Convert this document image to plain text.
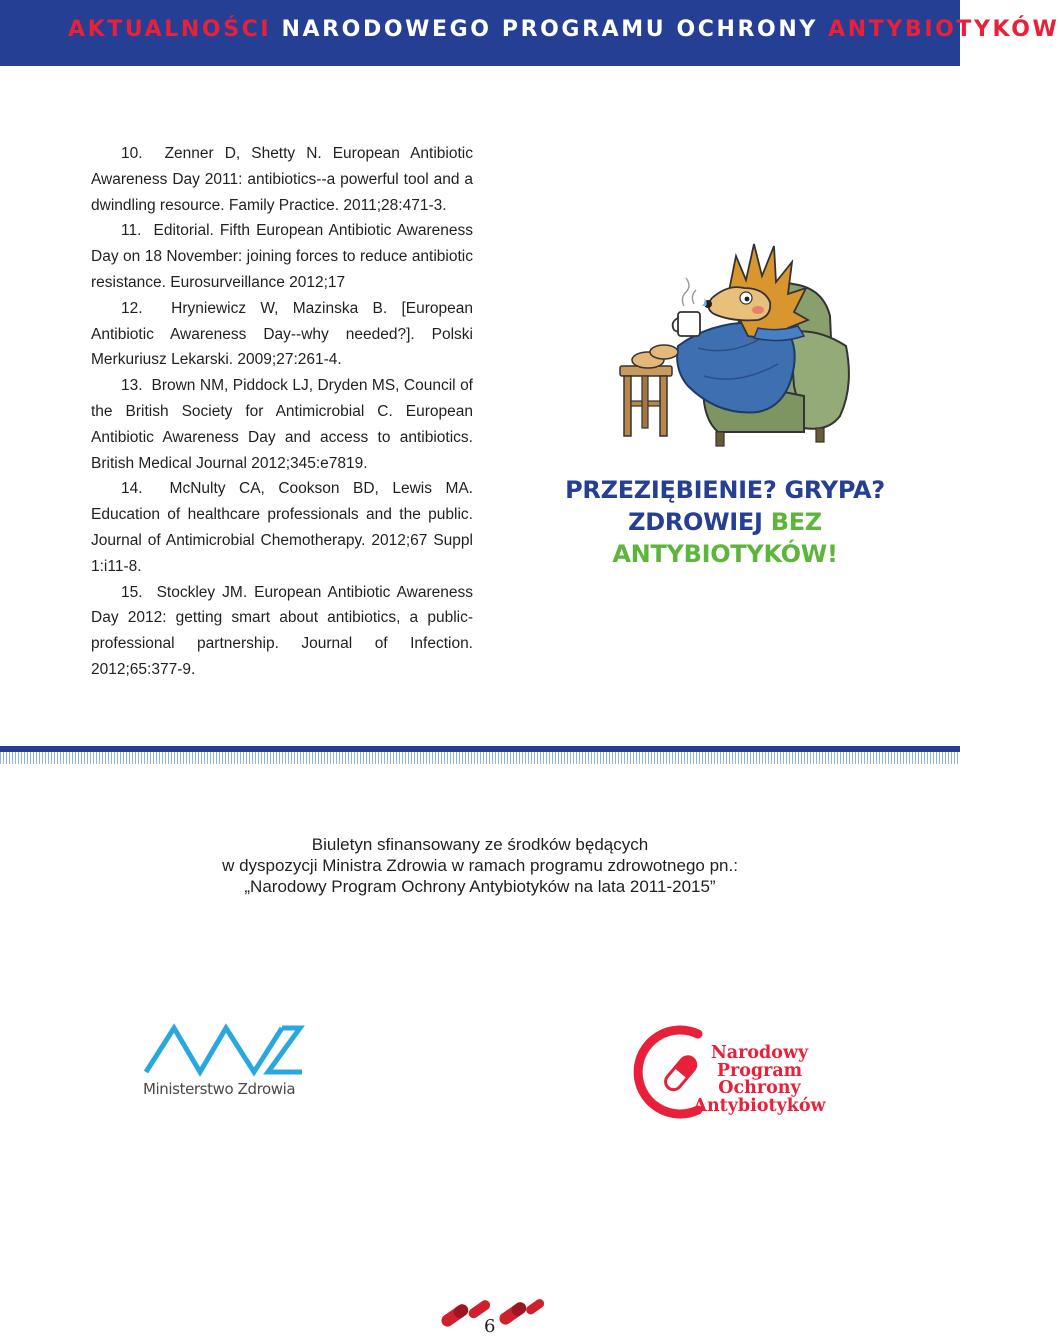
AKTUALNOŚCI NARODOWEGO PROGRAMU OCHRONY ANTYBIOTYKÓW

10. Zenner D, Shetty N. European Antibiotic Awareness Day 2011: antibiotics--a powerful tool and a dwindling resource. Family Practice. 2011;28:471-3.

11. Editorial. Fifth European Antibiotic Awareness Day on 18 November: joining forces to reduce antibiotic resistance. Eurosurveillance 2012;17

12. Hryniewicz W, Mazinska B. [European Antibiotic Awareness Day--why needed?]. Polski Merkuriusz Lekarski. 2009;27:261-4.

13. Brown NM, Piddock LJ, Dryden MS, Council of the British Society for Antimicrobial C. European Antibiotic Awareness Day and access to antibiotics. British Medical Journal 2012;345:e7819.

14. McNulty CA, Cookson BD, Lewis MA. Education of healthcare professionals and the public. Journal of Antimicrobial Chemotherapy. 2012;67 Suppl 1:i11-8.

15. Stockley JM. European Antibiotic Awareness Day 2012: getting smart about antibiotics, a public-professional partnership. Journal of Infection. 2012;65:377-9.

PRZEZIĘBIENIE? GRYPA?
ZDROWIEJ BEZ ANTYBIOTYKÓW!
Biuletyn sfinansowany ze środków będących
w dyspozycji Ministra Zdrowia w ramach programu zdrowotnego pn.:
„Narodowy Program Ochrony Antybiotyków na lata 2011-2015”
Ministerstwo Zdrowia
Narodowy
Program
Ochrony
Antybiotyków
6
